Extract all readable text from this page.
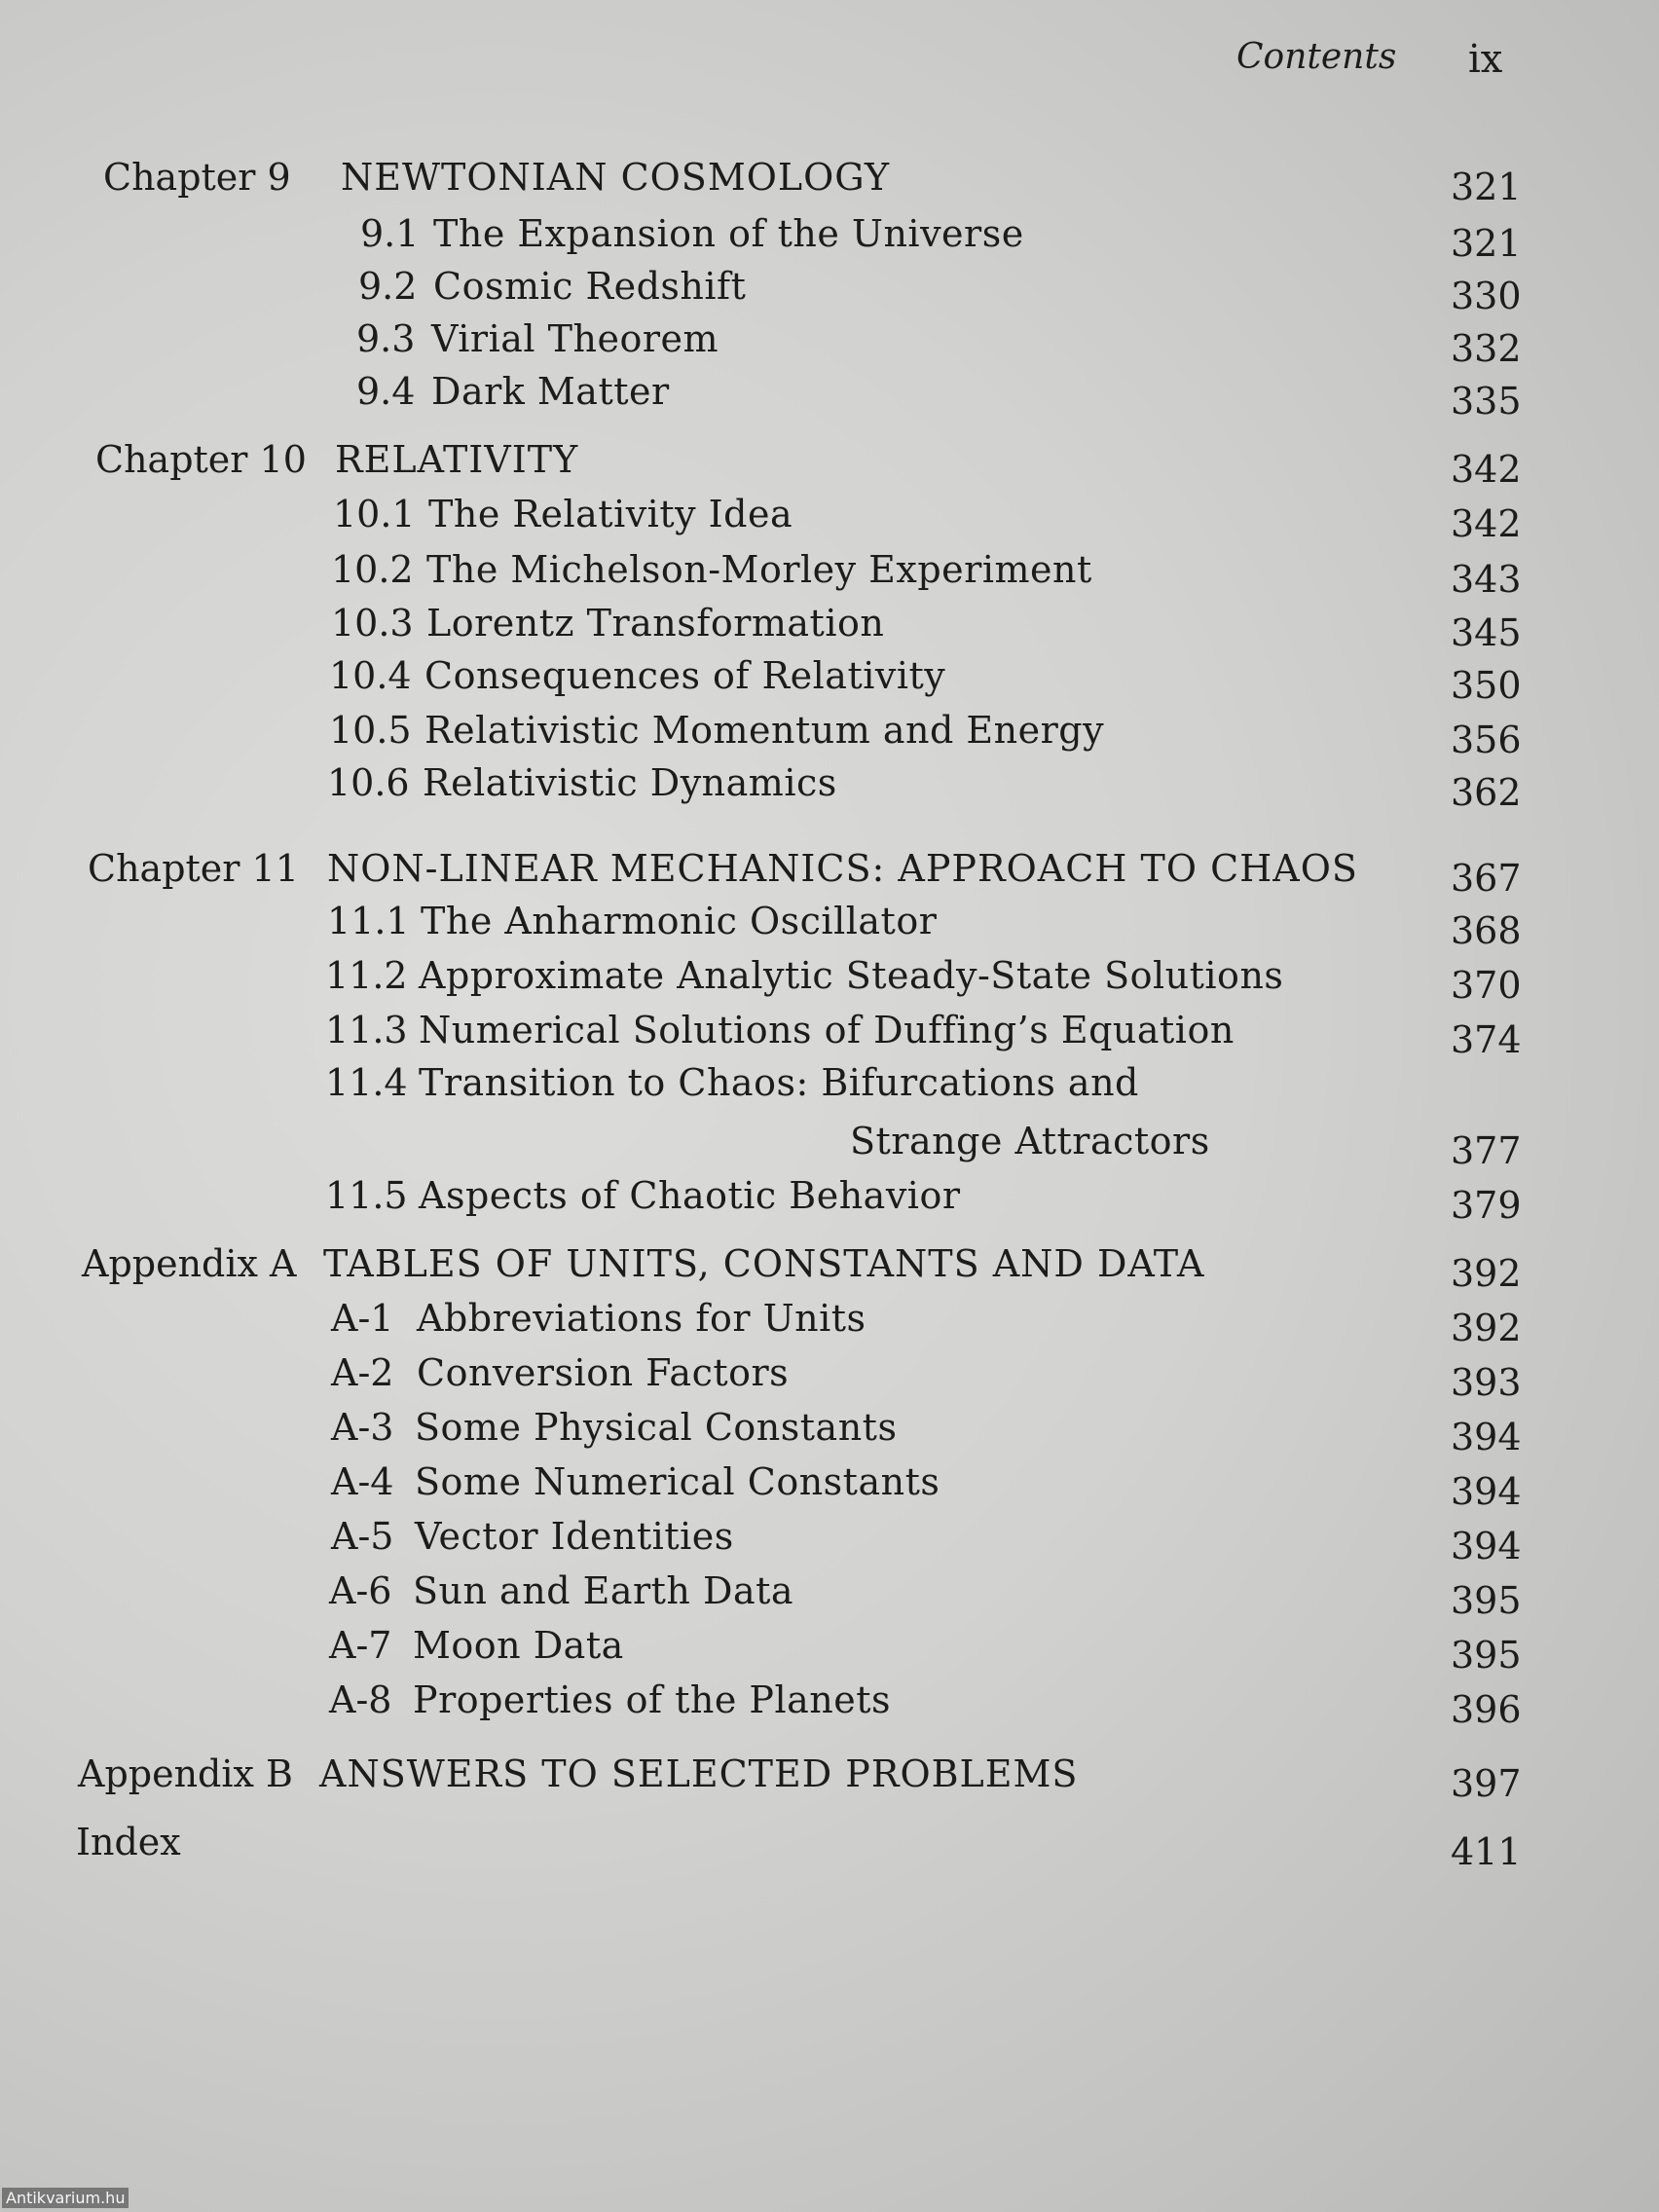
Contents ix
Chapter 9 NEWTONIAN COSMOLOGY	321
9.1 The Expansion of the Universe	321
9.2 Cosmic Redshift	330
9.3 Virial Theorem	332
9.4 Dark Matter	335
Chapter 10 RELATIVITY	342
10.1 The Relativity Idea	342
10.2 The Michelson-Morley Experiment	343
10.3 Lorentz Transformation	345
10.4 Consequences of Relativity	350
10.5 Relativistic Momentum and Energy	356
10.6 Relativistic Dynamics	362
Chapter 11 NON-LINEAR MECHANICS: APPROACH TO CHAOS	367
11.1 The Anharmonic Oscillator	368
11.2 Approximate Analytic Steady-State Solutions	370
11.3 Numerical Solutions of Duffing’s Equation	374
11.4 Transition to Chaos: Bifurcations and
Strange Attractors	377
11.5 Aspects of Chaotic Behavior	379
Appendix A TABLES OF UNITS, CONSTANTS AND DATA	392
A-1 Abbreviations for Units	392
A-2 Conversion Factors	393
A-3 Some Physical Constants	394
A-4 Some Numerical Constants	394
A-5 Vector Identities	394
A-6 Sun and Earth Data	395
A-7 Moon Data	395
A-8 Properties of the Planets	396
Appendix B ANSWERS TO SELECTED PROBLEMS	397
Index	411
Antikvarium.hu
